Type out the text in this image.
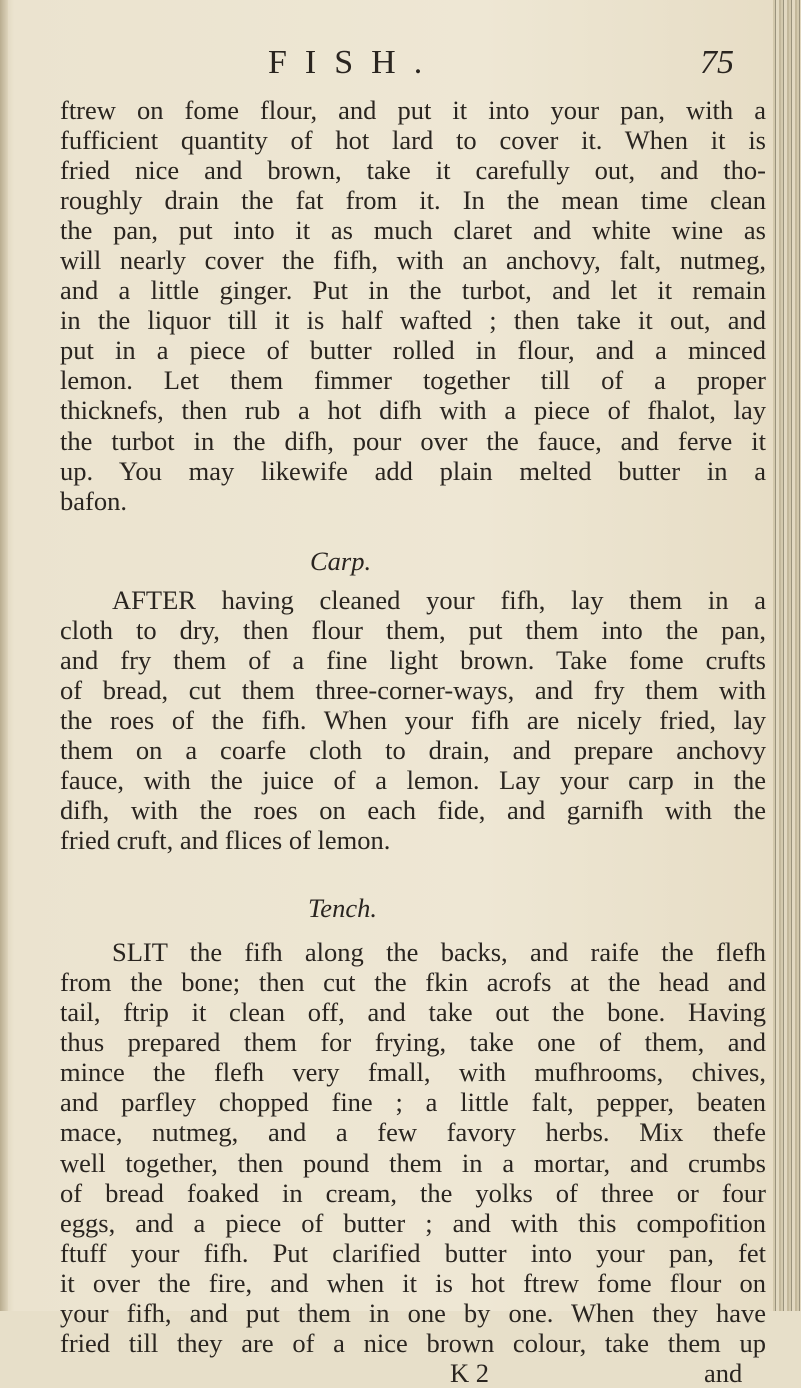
FISH.	75
ftrew on fome flour, and put it into your pan, with a
fufficient quantity of hot lard to cover it. When it is
fried nice and brown, take it carefully out, and tho-
roughly drain the fat from it. In the mean time clean
the pan, put into it as much claret and white wine as
will nearly cover the fifh, with an anchovy, falt, nutmeg,
and a little ginger. Put in the turbot, and let it remain
in the liquor till it is half wafted ; then take it out, and
put in a piece of butter rolled in flour, and a minced
lemon. Let them fimmer together till of a proper
thicknefs, then rub a hot difh with a piece of fhalot, lay
the turbot in the difh, pour over the fauce, and ferve it
up. You may likewife add plain melted butter in a
bafon.
Carp.
AFTER having cleaned your fifh, lay them in a
cloth to dry, then flour them, put them into the pan,
and fry them of a fine light brown. Take fome crufts
of bread, cut them three-corner-ways, and fry them with
the roes of the fifh. When your fifh are nicely fried, lay
them on a coarfe cloth to drain, and prepare anchovy
fauce, with the juice of a lemon. Lay your carp in the
difh, with the roes on each fide, and garnifh with the
fried cruft, and flices of lemon.
Tench.
SLIT the fifh along the backs, and raife the flefh
from the bone; then cut the fkin acrofs at the head and
tail, ftrip it clean off, and take out the bone. Having
thus prepared them for frying, take one of them, and
mince the flefh very fmall, with mufhrooms, chives,
and parfley chopped fine ; a little falt, pepper, beaten
mace, nutmeg, and a few favory herbs. Mix thefe
well together, then pound them in a mortar, and crumbs
of bread foaked in cream, the yolks of three or four
eggs, and a piece of butter ; and with this compofition
ftuff your fifh. Put clarified butter into your pan, fet
it over the fire, and when it is hot ftrew fome flour on
your fifh, and put them in one by one. When they have
fried till they are of a nice brown colour, take them up
K 2	and
